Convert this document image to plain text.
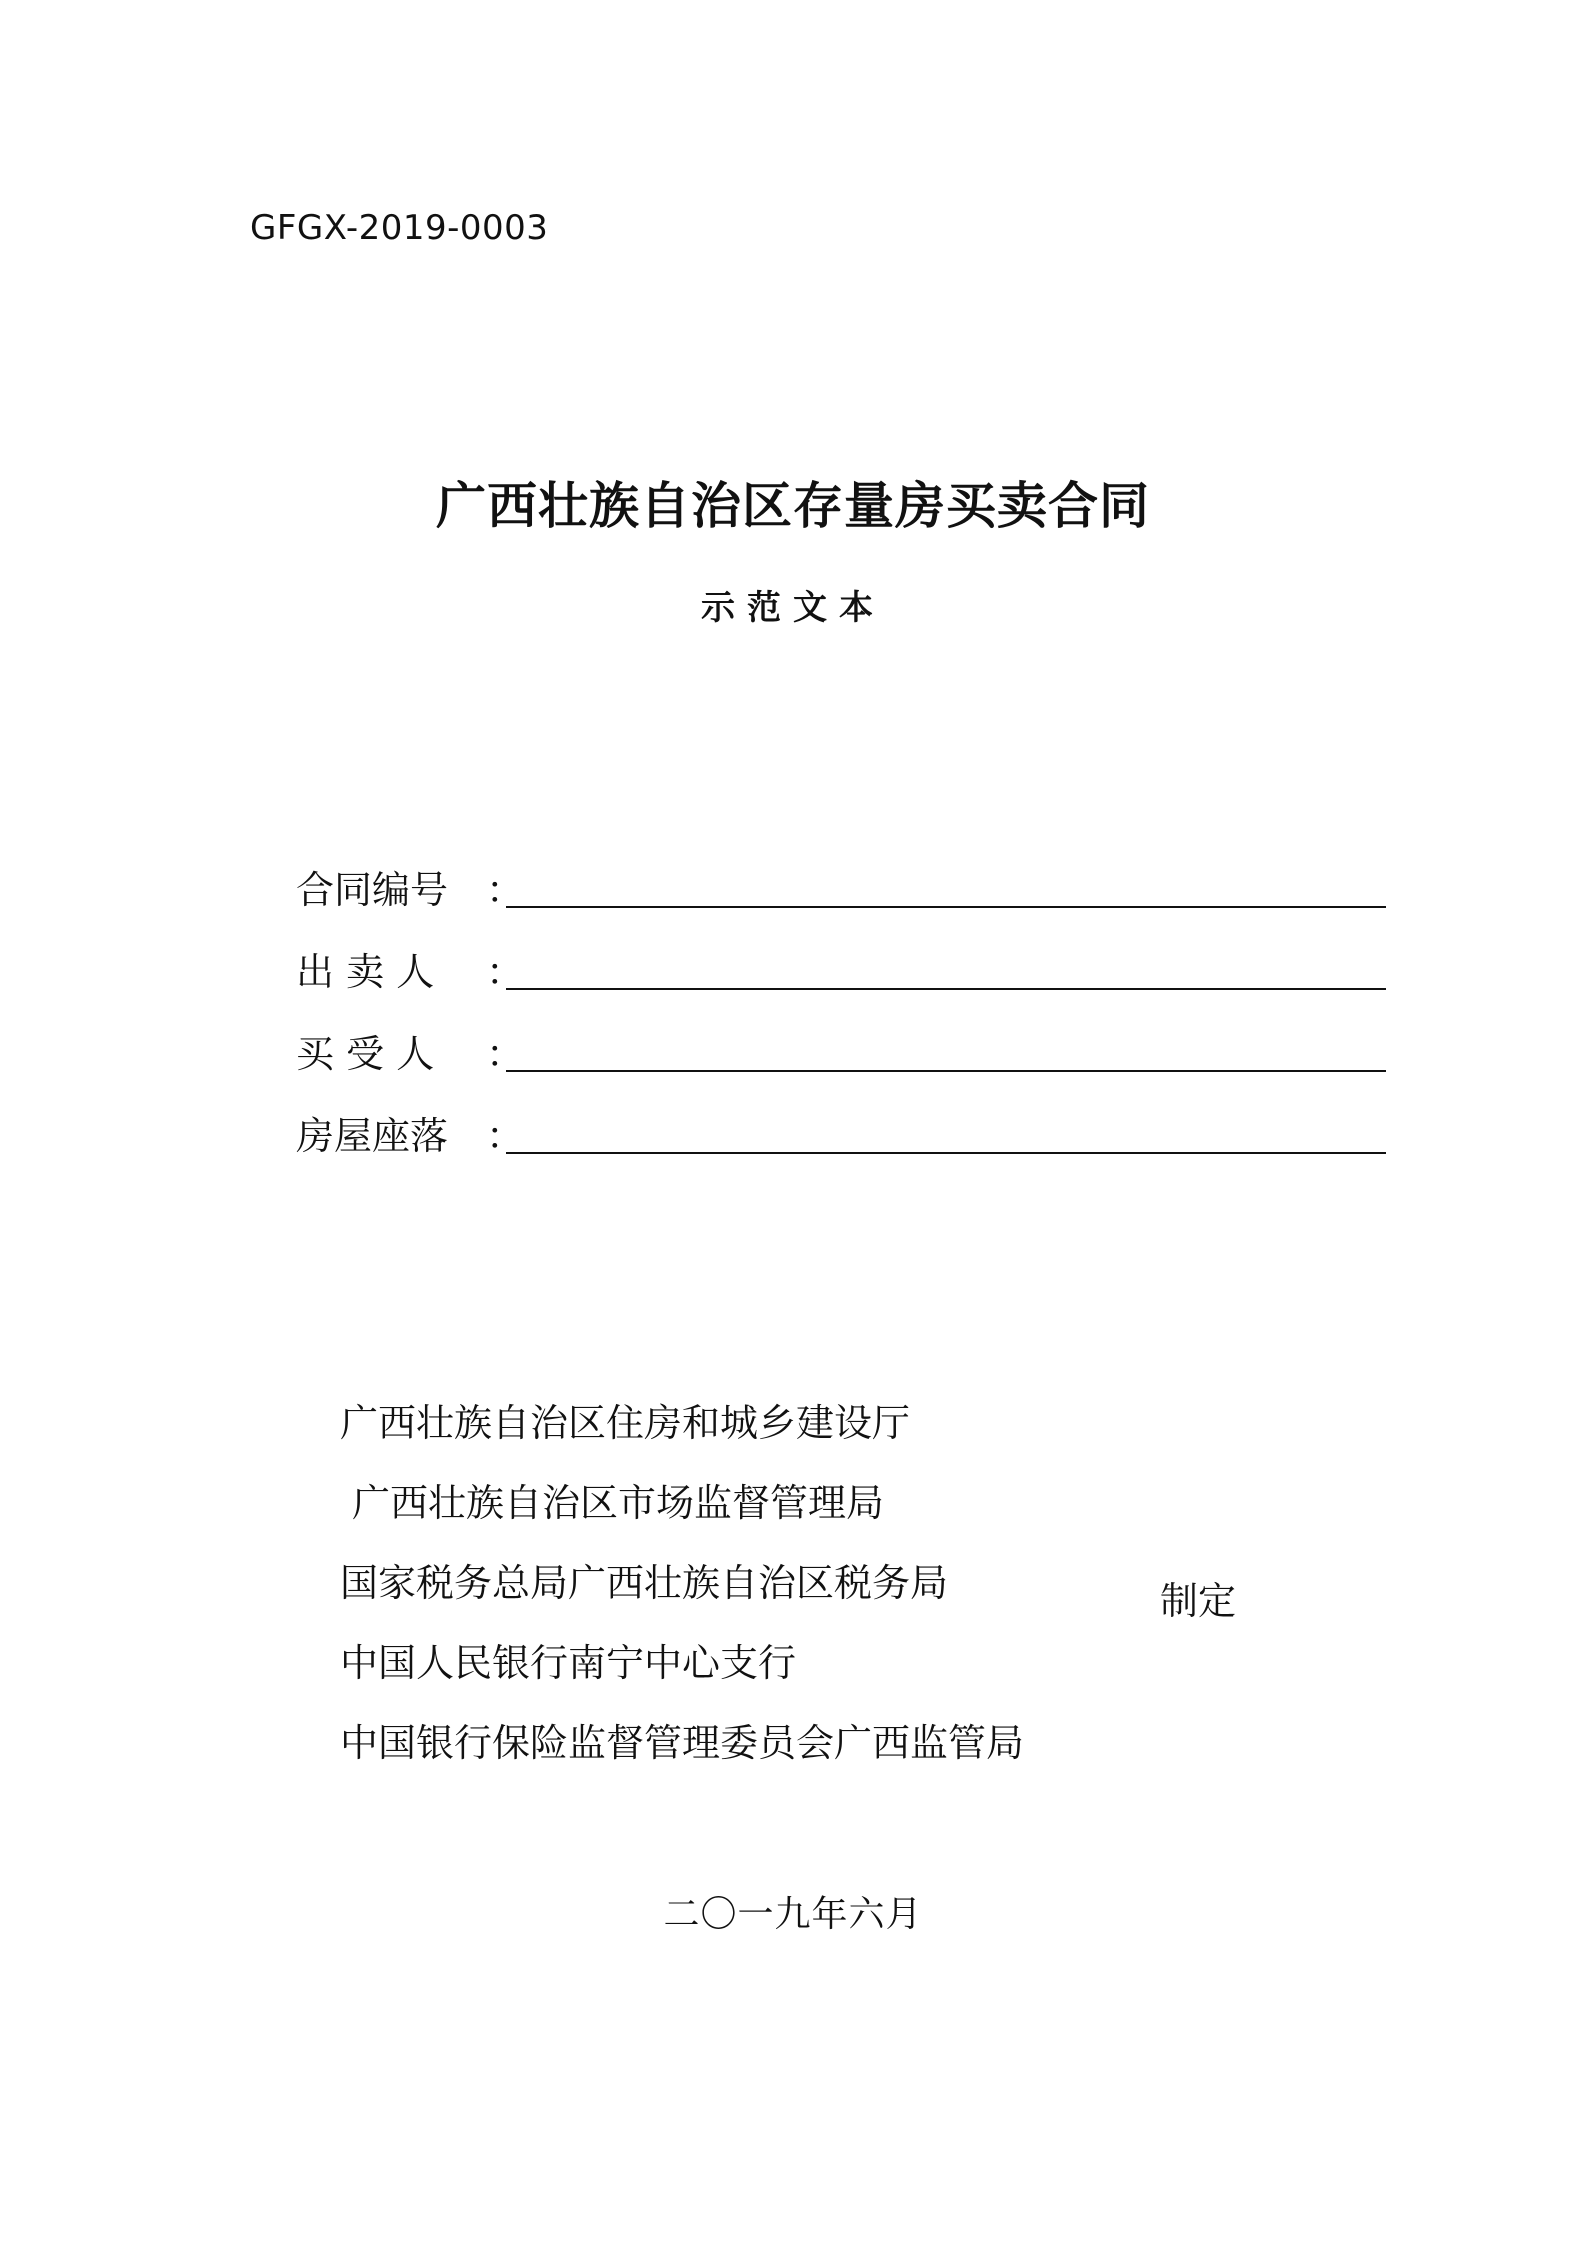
GFGX-2019-0003
广西壮族自治区存量房买卖合同
示范文本
合同编号 ：
出 卖 人	：
买 受 人	：
房屋座落 ：
广西壮族自治区住房和城乡建设厅
广西壮族自治区市场监督管理局
国家税务总局广西壮族自治区税务局
中国人民银行南宁中心支行
中国银行保险监督管理委员会广西监管局
制定
二〇一九年六月
